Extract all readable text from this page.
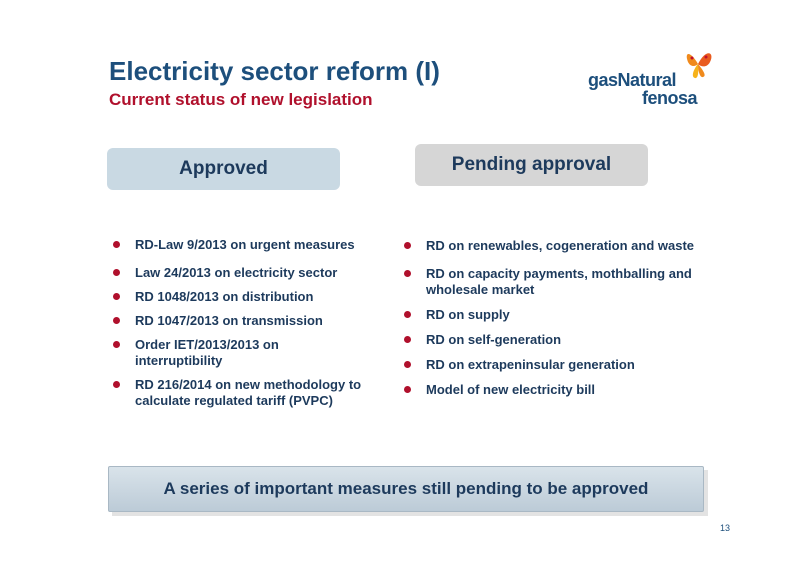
Electricity sector reform (I)
Current status of new legislation
gasNatural
fenosa
Approved	Pending approval
RD-Law 9/2013 on urgent measures
Law 24/2013 on electricity sector
RD 1048/2013 on distribution
RD 1047/2013 on transmission
Order IET/2013/2013 on interruptibility
RD 216/2014 on new methodology to calculate regulated tariff (PVPC)
RD on renewables, cogeneration and waste
RD on capacity payments, mothballing and wholesale market
RD on supply
RD on self-generation
RD on extrapeninsular generation
Model of new electricity bill
A series of important measures still pending to be approved
13
